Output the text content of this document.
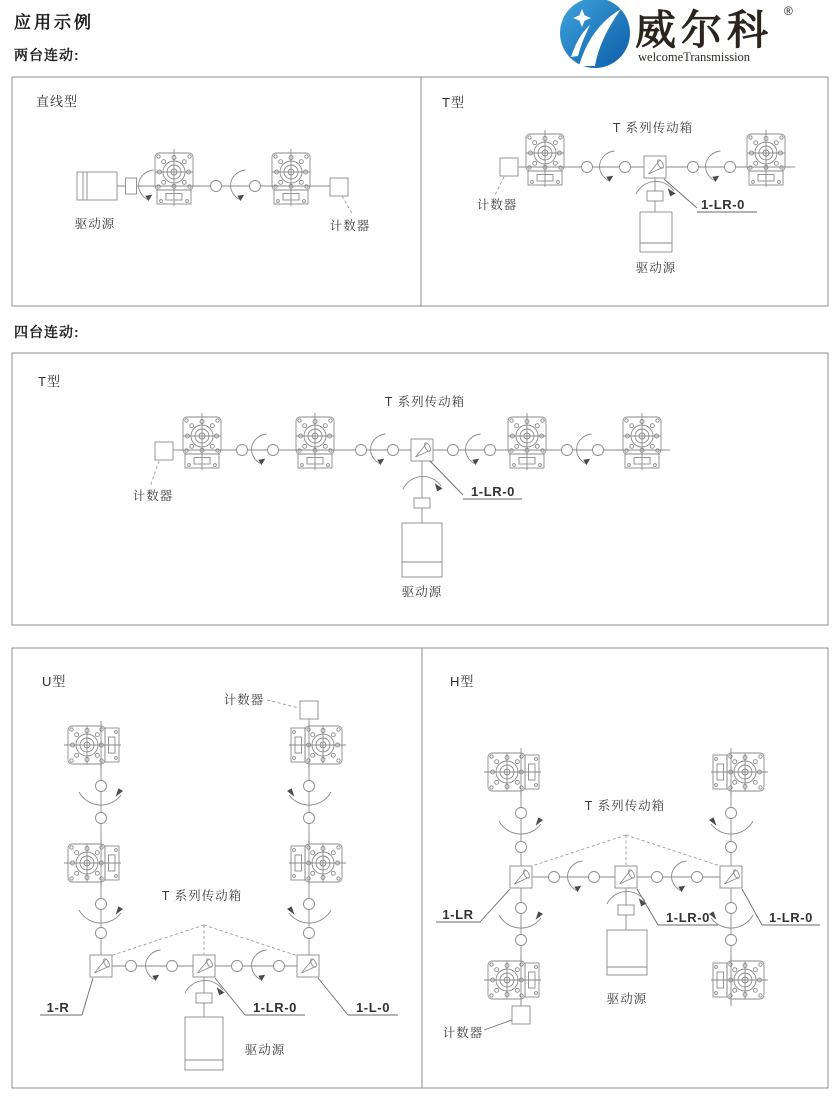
应用示例
两台连动:
四台连动:
威尔科 ®
welcomeTransmission
直线型
计数器
驱动源
T型
T 系列传动箱
计数器	1-LR-0
驱动源
T型
T 系列传动箱
计数器	1-LR-0
驱动源
U型
计数器
T 系列传动箱
1-R	1-LR-0	1-L-0
驱动源
H型
T 系列传动箱
1-LR	1-LR-0	1-LR-0
驱动源
计数器
